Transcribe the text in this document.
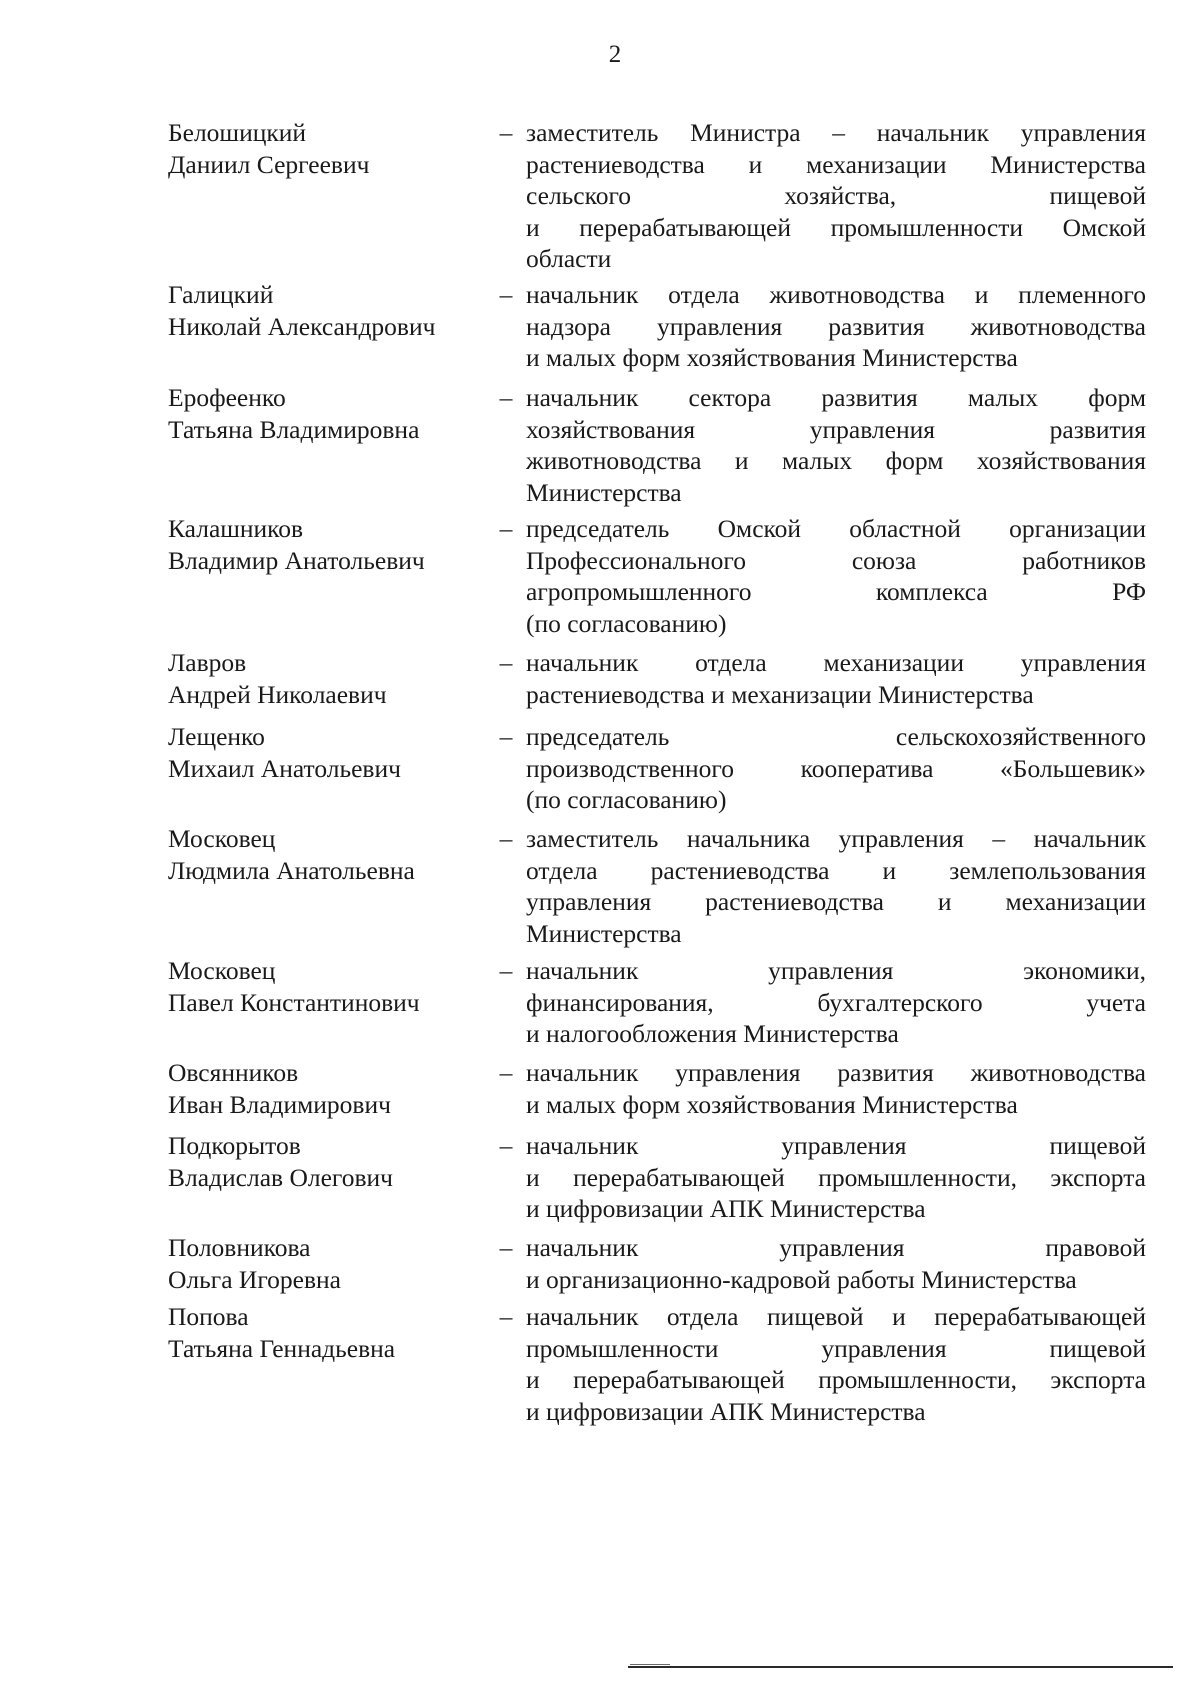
2
Белошицкий
Даниил Сергеевич
– заместитель Министра – начальник управления
растениеводства и механизации Министерства
сельского хозяйства, пищевой
и перерабатывающей промышленности Омской
области
Галицкий
Николай Александрович
– начальник отдела животноводства и племенного
надзора управления развития животноводства
и малых форм хозяйствования Министерства
Ерофеенко
Татьяна Владимировна
– начальник сектора развития малых форм
хозяйствования управления развития
животноводства и малых форм хозяйствования
Министерства
Калашников
Владимир Анатольевич
– председатель Омской областной организации
Профессионального союза работников
агропромышленного комплекса РФ
(по согласованию)
Лавров
Андрей Николаевич
– начальник отдела механизации управления
растениеводства и механизации Министерства
Лещенко
Михаил Анатольевич
– председатель сельскохозяйственного
производственного кооператива «Большевик»
(по согласованию)
Московец
Людмила Анатольевна
– заместитель начальника управления – начальник
отдела растениеводства и землепользования
управления растениеводства и механизации
Министерства
Московец
Павел Константинович
– начальник управления экономики,
финансирования, бухгалтерского учета
и налогообложения Министерства
Овсянников
Иван Владимирович
– начальник управления развития животноводства
и малых форм хозяйствования Министерства
Подкорытов
Владислав Олегович
– начальник управления пищевой
и перерабатывающей промышленности, экспорта
и цифровизации АПК Министерства
Половникова
Ольга Игоревна
– начальник управления правовой
и организационно-кадровой работы Министерства
Попова
Татьяна Геннадьевна
– начальник отдела пищевой и перерабатывающей
промышленности управления пищевой
и перерабатывающей промышленности, экспорта
и цифровизации АПК Министерства
